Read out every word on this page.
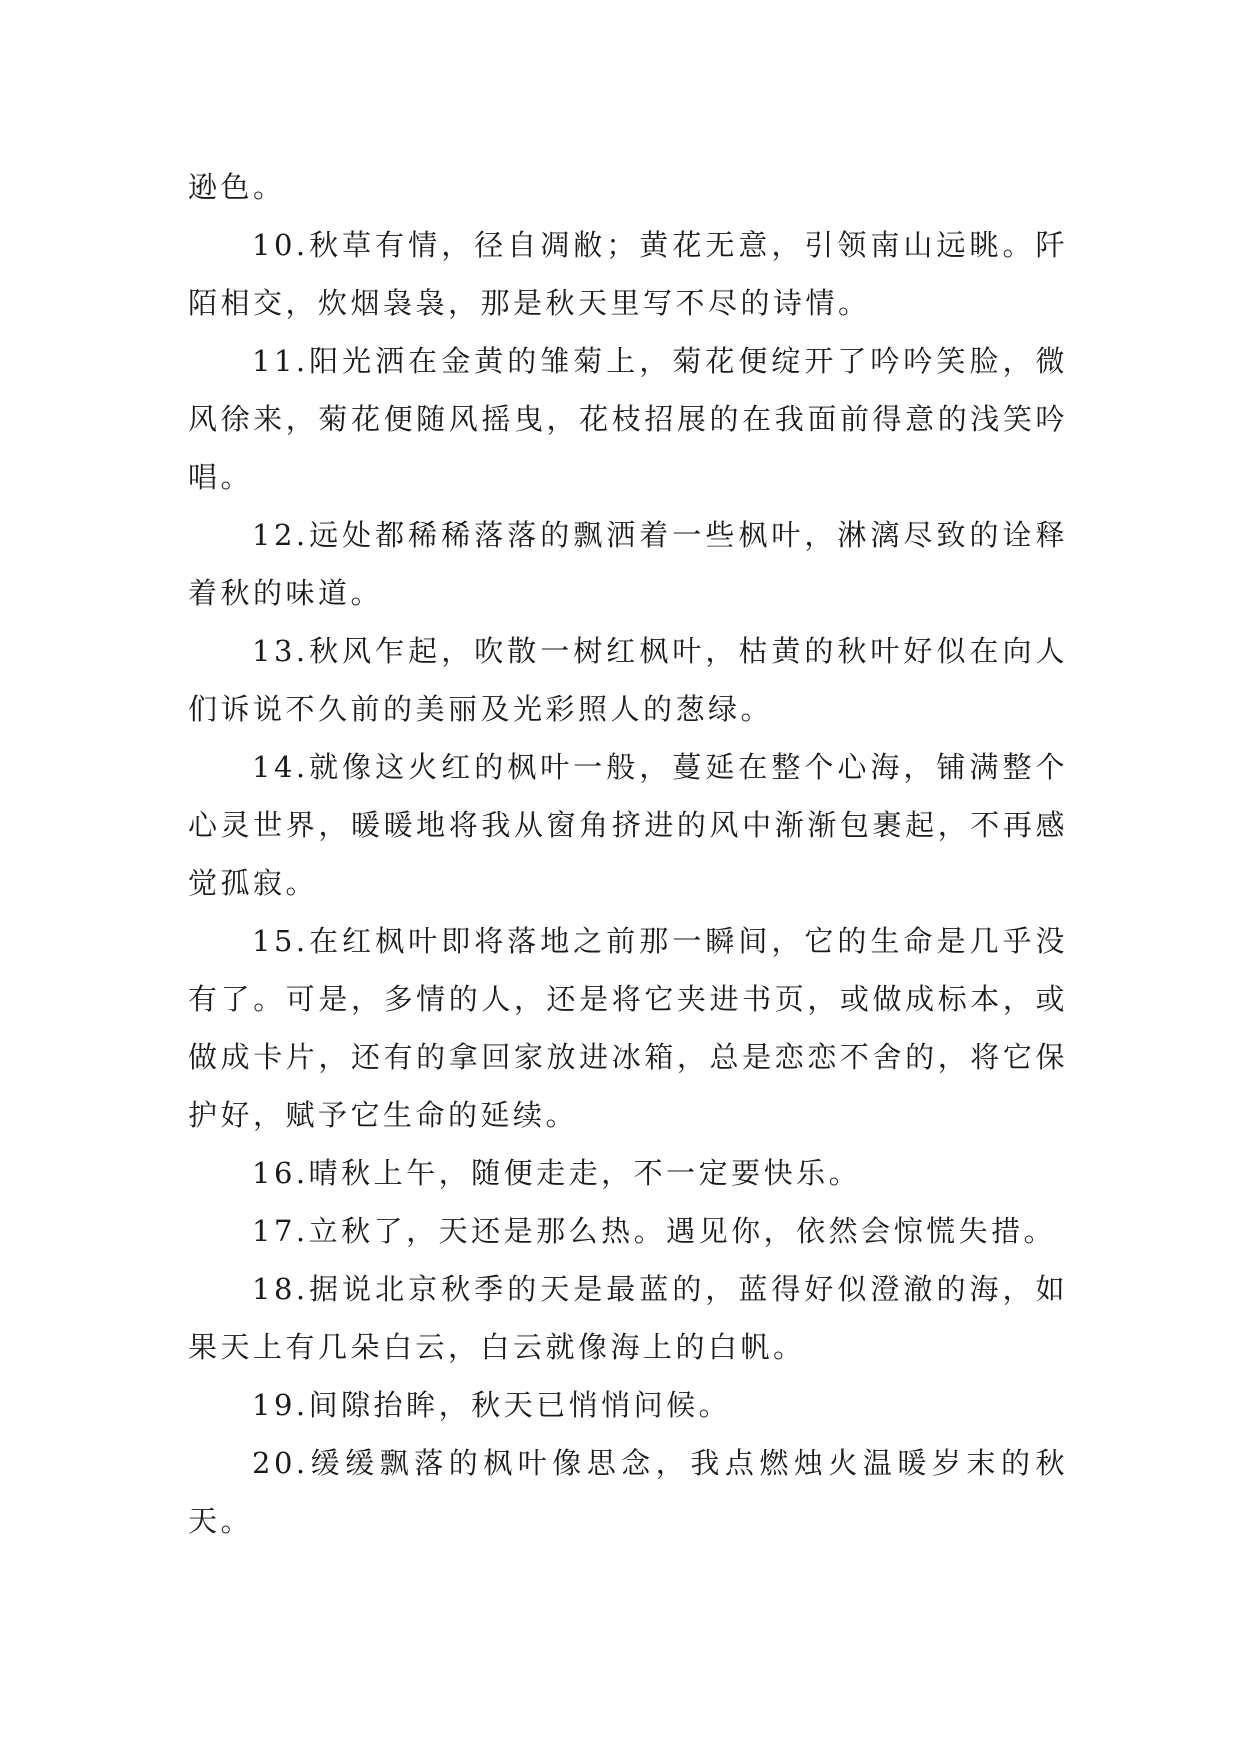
逊色。

10.秋草有情，径自凋敝；黄花无意，引领南山远眺。阡陌相交，炊烟袅袅，那是秋天里写不尽的诗情。

11.阳光洒在金黄的雏菊上，菊花便绽开了吟吟笑脸，微风徐来，菊花便随风摇曳，花枝招展的在我面前得意的浅笑吟唱。

12.远处都稀稀落落的飘洒着一些枫叶，淋漓尽致的诠释着秋的味道。

13.秋风乍起，吹散一树红枫叶，枯黄的秋叶好似在向人们诉说不久前的美丽及光彩照人的葱绿。

14.就像这火红的枫叶一般，蔓延在整个心海，铺满整个心灵世界，暖暖地将我从窗角挤进的风中渐渐包裹起，不再感觉孤寂。

15.在红枫叶即将落地之前那一瞬间，它的生命是几乎没有了。可是，多情的人，还是将它夹进书页，或做成标本，或做成卡片，还有的拿回家放进冰箱，总是恋恋不舍的，将它保护好，赋予它生命的延续。

16.晴秋上午，随便走走，不一定要快乐。

17.立秋了，天还是那么热。遇见你，依然会惊慌失措。

18.据说北京秋季的天是最蓝的，蓝得好似澄澈的海，如果天上有几朵白云，白云就像海上的白帆。

19.间隙抬眸，秋天已悄悄问候。

20.缓缓飘落的枫叶像思念，我点燃烛火温暖岁末的秋天。
